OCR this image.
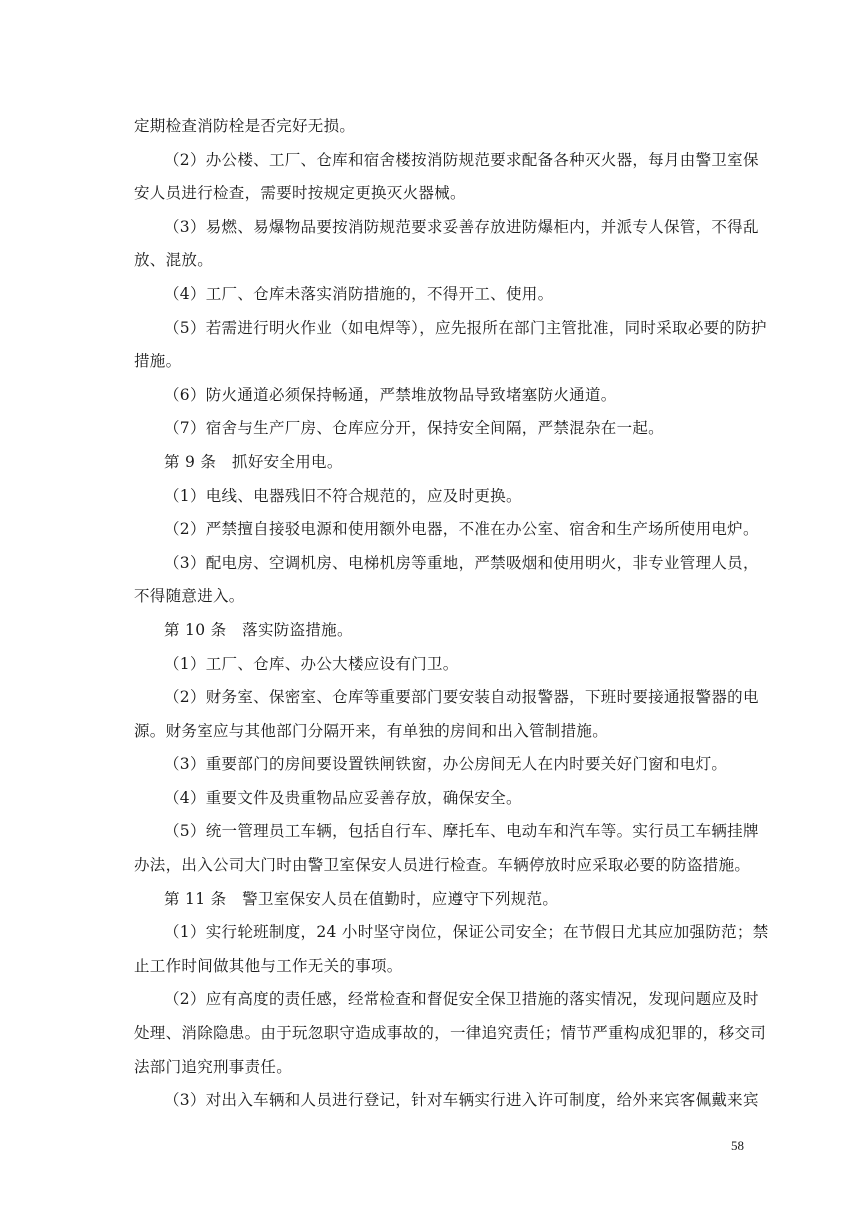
定期检查消防栓是否完好无损。
（2）办公楼、工厂、仓库和宿舍楼按消防规范要求配备各种灭火器，每月由警卫室保
安人员进行检查，需要时按规定更换灭火器械。
（3）易燃、易爆物品要按消防规范要求妥善存放进防爆柜内，并派专人保管，不得乱
放、混放。
（4）工厂、仓库未落实消防措施的，不得开工、使用。
（5）若需进行明火作业（如电焊等），应先报所在部门主管批准，同时采取必要的防护
措施。
（6）防火通道必须保持畅通，严禁堆放物品导致堵塞防火通道。
（7）宿舍与生产厂房、仓库应分开，保持安全间隔，严禁混杂在一起。
第 9 条　抓好安全用电。
（1）电线、电器残旧不符合规范的，应及时更换。
（2）严禁擅自接驳电源和使用额外电器，不准在办公室、宿舍和生产场所使用电炉。
（3）配电房、空调机房、电梯机房等重地，严禁吸烟和使用明火，非专业管理人员，
不得随意进入。
第 10 条　落实防盗措施。
（1）工厂、仓库、办公大楼应设有门卫。
（2）财务室、保密室、仓库等重要部门要安装自动报警器，下班时要接通报警器的电
源。财务室应与其他部门分隔开来，有单独的房间和出入管制措施。
（3）重要部门的房间要设置铁闸铁窗，办公房间无人在内时要关好门窗和电灯。
（4）重要文件及贵重物品应妥善存放，确保安全。
（5）统一管理员工车辆，包括自行车、摩托车、电动车和汽车等。实行员工车辆挂牌
办法，出入公司大门时由警卫室保安人员进行检查。车辆停放时应采取必要的防盗措施。
第 11 条　警卫室保安人员在值勤时，应遵守下列规范。
（1）实行轮班制度，24 小时坚守岗位，保证公司安全；在节假日尤其应加强防范；禁
止工作时间做其他与工作无关的事项。
（2）应有高度的责任感，经常检查和督促安全保卫措施的落实情况，发现问题应及时
处理、消除隐患。由于玩忽职守造成事故的，一律追究责任；情节严重构成犯罪的，移交司
法部门追究刑事责任。
（3）对出入车辆和人员进行登记，针对车辆实行进入许可制度，给外来宾客佩戴来宾
58
